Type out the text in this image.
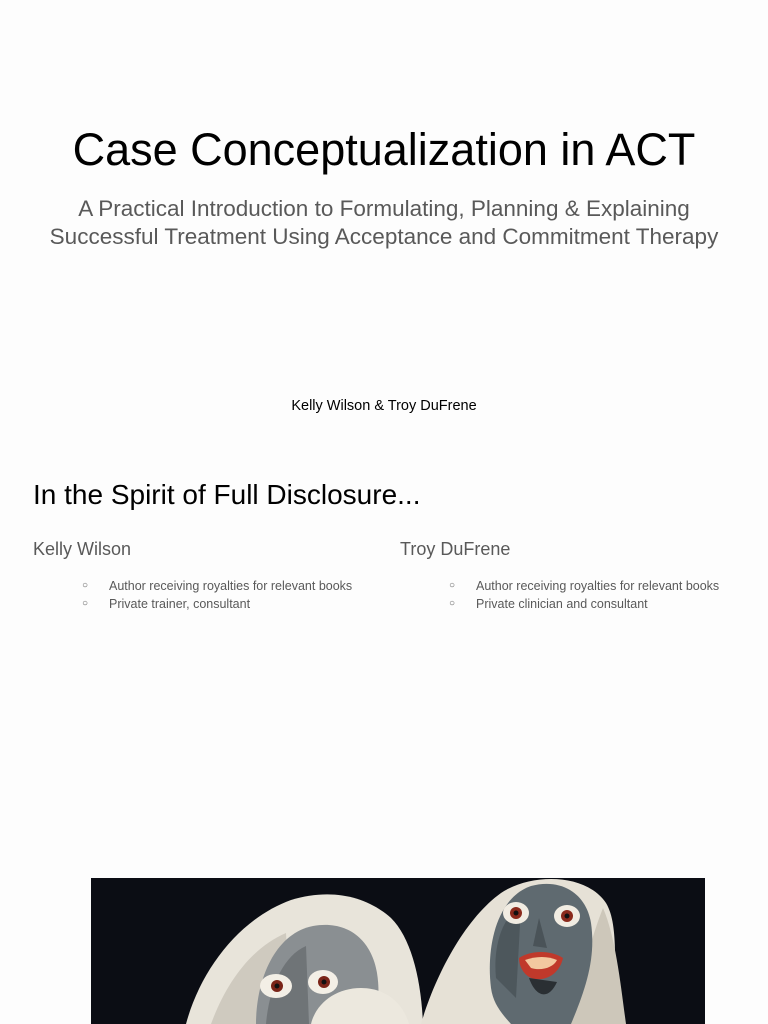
Case Conceptualization in ACT
A Practical Introduction to Formulating, Planning & Explaining
Successful Treatment Using Acceptance and Commitment Therapy
Kelly Wilson & Troy DuFrene
In the Spirit of Full Disclosure...
Kelly Wilson
○ Author receiving royalties for relevant books
○ Private trainer, consultant
Troy DuFrene
○ Author receiving royalties for relevant books
○ Private clinician and consultant
